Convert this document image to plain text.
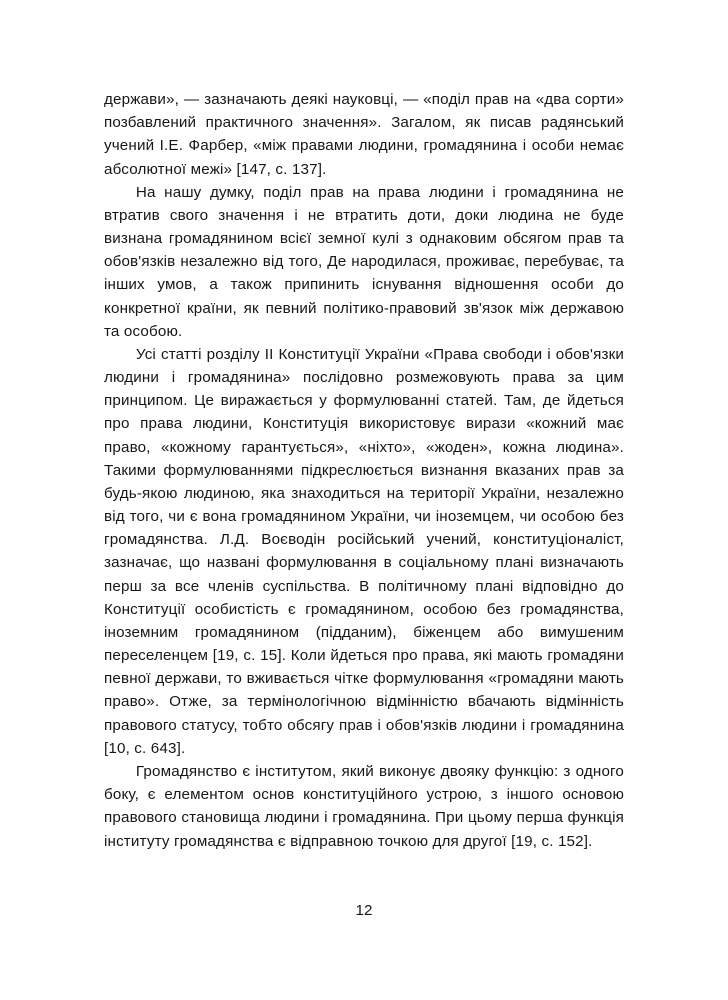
держави», — зазначають деякі науковці, — «поділ прав на «два сорти» позбавлений практичного значення». Загалом, як писав радянський учений І.Е. Фарбер, «між правами людини, громадянина і особи немає абсолютної межі» [147, с. 137].

На нашу думку, поділ прав на права людини і громадянина не втратив свого значення і не втратить доти, доки людина не буде визнана громадянином всієї земної кулі з однаковим обсягом прав та обов'язків незалежно від того, Де народилася, проживає, перебуває, та інших умов, а також припинить існування відношення особи до конкретної країни, як певний політико-правовий зв'язок між державою та особою.

Усі статті розділу II Конституції України «Права свободи і обов'язки людини і громадянина» послідовно розмежовують права за цим принципом. Це виражається у формулюванні статей. Там, де йдеться про права людини, Конституція використовує вирази «кожний має право, «кожному гарантується», «ніхто», «жоден», кожна людина». Такими формулюваннями підкреслюється визнання вказаних прав за будь-якою людиною, яка знаходиться на території України, незалежно від того, чи є вона громадянином України, чи іноземцем, чи особою без громадянства. Л.Д. Воєводін російський учений, конституціоналіст, зазначає, що названі формулювання в соціальному плані визначають перш за все членів суспільства. В політичному плані відповідно до Конституції особистість є громадянином, особою без громадянства, іноземним громадянином (підданим), біженцем або вимушеним переселенцем [19, с. 15]. Коли йдеться про права, які мають громадяни певної держави, то вживається чітке формулювання «громадяни мають право». Отже, за термінологічною відмінністю вбачають відмінність правового статусу, тобто обсягу прав і обов'язків людини і громадянина [10, с. 643].

Громадянство є інститутом, який виконує двояку функцію: з одного боку, є елементом основ конституційного устрою, з іншого основою правового становища людини і громадянина. При цьому перша функція інституту громадянства є відправною точкою для другої [19, с. 152].

12
